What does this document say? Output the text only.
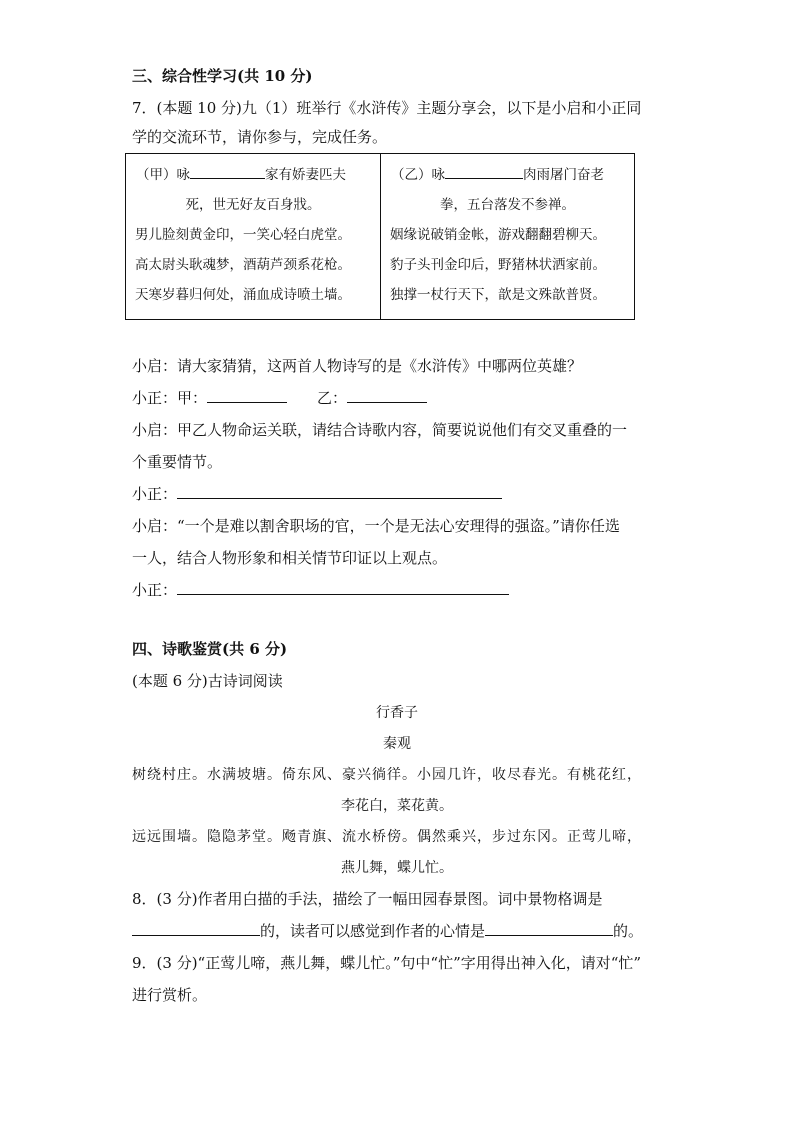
三、综合性学习(共 10 分)
7．(本题 10 分)九（1）班举行《水浒传》主题分享会，以下是小启和小正同
学的交流环节，请你参与，完成任务。
（甲）咏	家有娇妻匹夫
死，世无好友百身戕。
男儿脸刻黄金印，一笑心轻白虎堂。
高太尉头耿魂梦，酒葫芦颈系花枪。
天寒岁暮归何处，涌血成诗喷土墙。
（乙）咏	肉雨屠门奋老
拳，五台落发不参禅。
姻缘说破销金帐，游戏翻翻碧柳天。
豹子头刊金印后，野猪林状洒家前。
独撑一杖行天下，歆是文殊歆普贤。
小启：请大家猜猜，这两首人物诗写的是《水浒传》中哪两位英雄？
小正：甲：	乙：
小启：甲乙人物命运关联，请结合诗歌内容，简要说说他们有交叉重叠的一
个重要情节。
小正：
小启：“一个是难以割舍职场的官，一个是无法心安理得的强盗。”请你任选
一人，结合人物形象和相关情节印证以上观点。
小正：
四、诗歌鉴赏(共 6 分)
(本题 6 分)古诗词阅读
行香子
秦观
树绕村庄。水满坡塘。倚东风、豪兴徜徉。小园几许，收尽春光。有桃花红，
李花白，菜花黄。
远远围墙。隐隐茅堂。飏青旗、流水桥傍。偶然乘兴，步过东冈。正莺儿啼，
燕儿舞，蝶儿忙。
8．(3 分)作者用白描的手法，描绘了一幅田园春景图。词中景物格调是
的，读者可以感觉到作者的心情是	的。
9．(3 分)“正莺儿啼，燕儿舞，蝶儿忙。”句中“忙”字用得出神入化，请对“忙”
进行赏析。
